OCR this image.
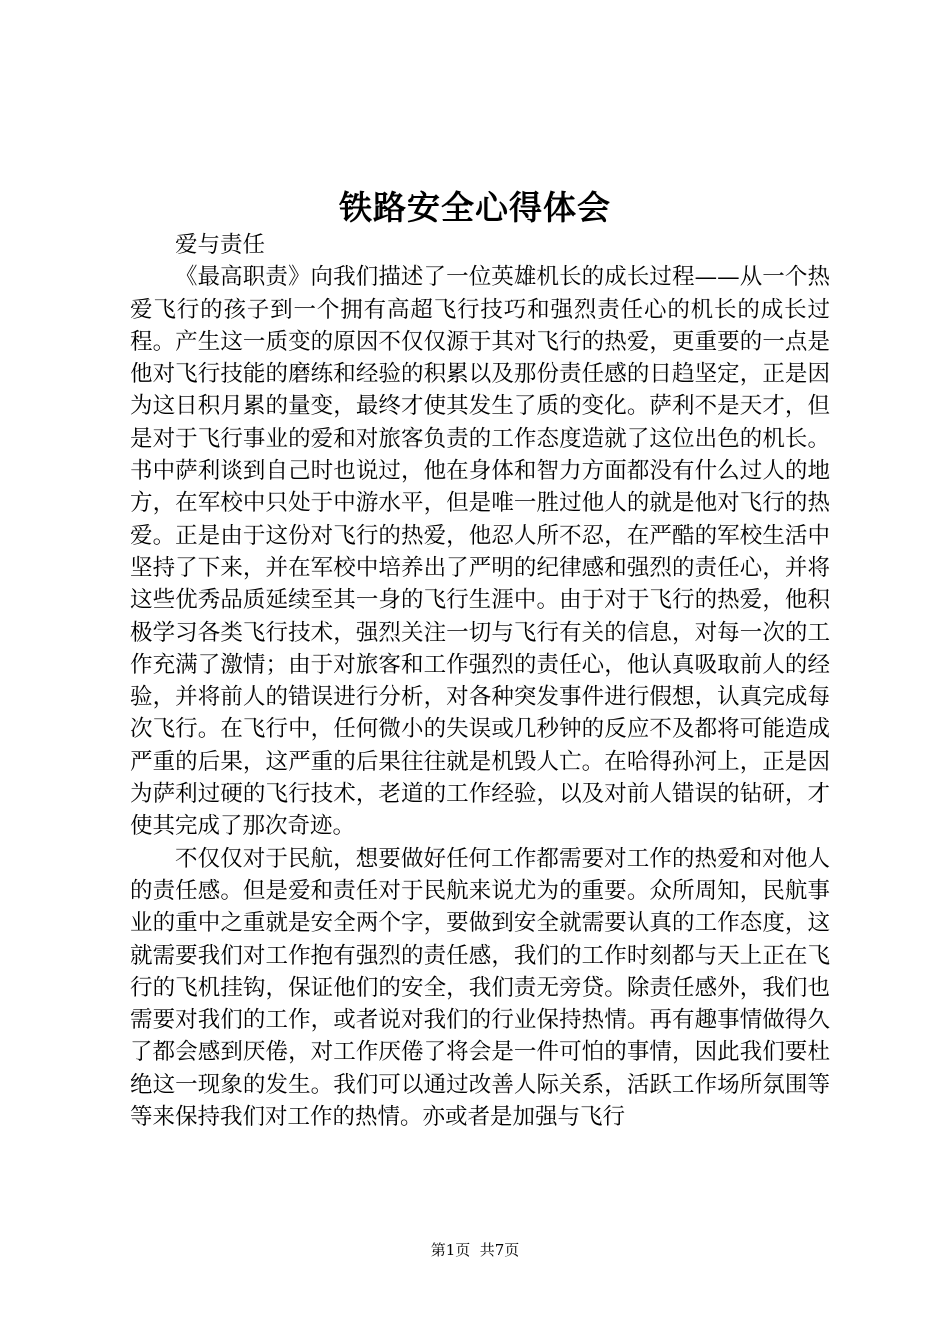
铁路安全心得体会

爱与责任

《最高职责》向我们描述了一位英雄机长的成长过程——从一个热爱飞行的孩子到一个拥有高超飞行技巧和强烈责任心的机长的成长过程。产生这一质变的原因不仅仅源于其对飞行的热爱，更重要的一点是他对飞行技能的磨练和经验的积累以及那份责任感的日趋坚定，正是因为这日积月累的量变，最终才使其发生了质的变化。萨利不是天才，但是对于飞行事业的爱和对旅客负责的工作态度造就了这位出色的机长。书中萨利谈到自己时也说过，他在身体和智力方面都没有什么过人的地方，在军校中只处于中游水平，但是唯一胜过他人的就是他对飞行的热爱。正是由于这份对飞行的热爱，他忍人所不忍，在严酷的军校生活中坚持了下来，并在军校中培养出了严明的纪律感和强烈的责任心，并将这些优秀品质延续至其一身的飞行生涯中。由于对于飞行的热爱，他积极学习各类飞行技术，强烈关注一切与飞行有关的信息，对每一次的工作充满了激情；由于对旅客和工作强烈的责任心，他认真吸取前人的经验，并将前人的错误进行分析，对各种突发事件进行假想，认真完成每次飞行。在飞行中，任何微小的失误或几秒钟的反应不及都将可能造成严重的后果，这严重的后果往往就是机毁人亡。在哈得孙河上，正是因为萨利过硬的飞行技术，老道的工作经验，以及对前人错误的钻研，才使其完成了那次奇迹。

不仅仅对于民航，想要做好任何工作都需要对工作的热爱和对他人的责任感。但是爱和责任对于民航来说尤为的重要。众所周知，民航事业的重中之重就是安全两个字，要做到安全就需要认真的工作态度，这就需要我们对工作抱有强烈的责任感，我们的工作时刻都与天上正在飞行的飞机挂钩，保证他们的安全，我们责无旁贷。除责任感外，我们也需要对我们的工作，或者说对我们的行业保持热情。再有趣事情做得久了都会感到厌倦，对工作厌倦了将会是一件可怕的事情，因此我们要杜绝这一现象的发生。我们可以通过改善人际关系，活跃工作场所氛围等等来保持我们对工作的热情。亦或者是加强与飞行

第1页  共7页
